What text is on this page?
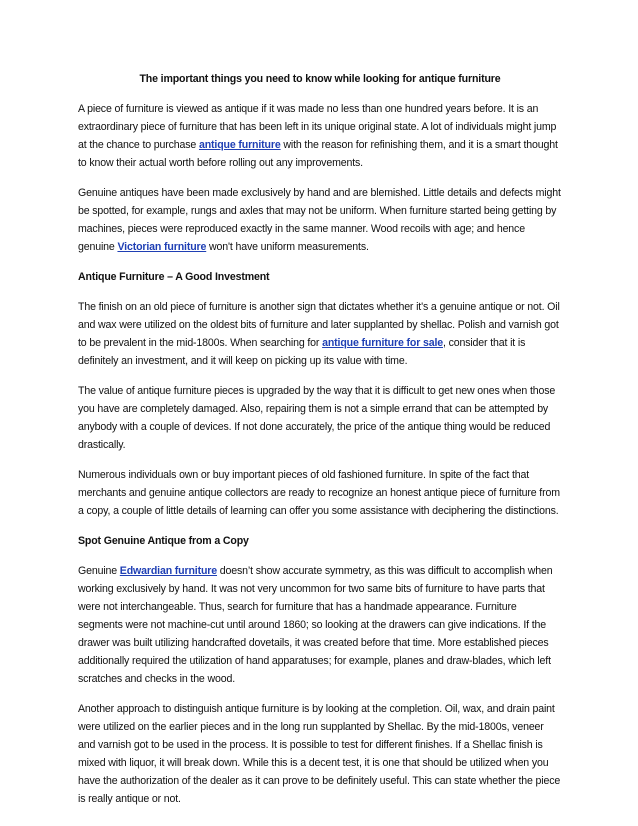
The important things you need to know while looking for antique furniture

A piece of furniture is viewed as antique if it was made no less than one hundred years before. It is an extraordinary piece of furniture that has been left in its unique original state. A lot of individuals might jump at the chance to purchase antique furniture with the reason for refinishing them, and it is a smart thought to know their actual worth before rolling out any improvements.

Genuine antiques have been made exclusively by hand and are blemished. Little details and defects might be spotted, for example, rungs and axles that may not be uniform. When furniture started being getting by machines, pieces were reproduced exactly in the same manner. Wood recoils with age; and hence genuine Victorian furniture won't have uniform measurements.

Antique Furniture – A Good Investment

The finish on an old piece of furniture is another sign that dictates whether it's a genuine antique or not. Oil and wax were utilized on the oldest bits of furniture and later supplanted by shellac. Polish and varnish got to be prevalent in the mid-1800s. When searching for antique furniture for sale, consider that it is definitely an investment, and it will keep on picking up its value with time.

The value of antique furniture pieces is upgraded by the way that it is difficult to get new ones when those you have are completely damaged. Also, repairing them is not a simple errand that can be attempted by anybody with a couple of devices. If not done accurately, the price of the antique thing would be reduced drastically.

Numerous individuals own or buy important pieces of old fashioned furniture. In spite of the fact that merchants and genuine antique collectors are ready to recognize an honest antique piece of furniture from a copy, a couple of little details of learning can offer you some assistance with deciphering the distinctions.

Spot Genuine Antique from a Copy

Genuine Edwardian furniture doesn’t show accurate symmetry, as this was difficult to accomplish when working exclusively by hand. It was not very uncommon for two same bits of furniture to have parts that were not interchangeable. Thus, search for furniture that has a handmade appearance. Furniture segments were not machine-cut until around 1860; so looking at the drawers can give indications. If the drawer was built utilizing handcrafted dovetails, it was created before that time. More established pieces additionally required the utilization of hand apparatuses; for example, planes and draw-blades, which left scratches and checks in the wood.

Another approach to distinguish antique furniture is by looking at the completion. Oil, wax, and drain paint were utilized on the earlier pieces and in the long run supplanted by Shellac. By the mid-1800s, veneer and varnish got to be used in the process. It is possible to test for different finishes. If a Shellac finish is mixed with liquor, it will break down. While this is a decent test, it is one that should be utilized when you have the authorization of the dealer as it can prove to be definitely useful. This can state whether the piece is really antique or not.
